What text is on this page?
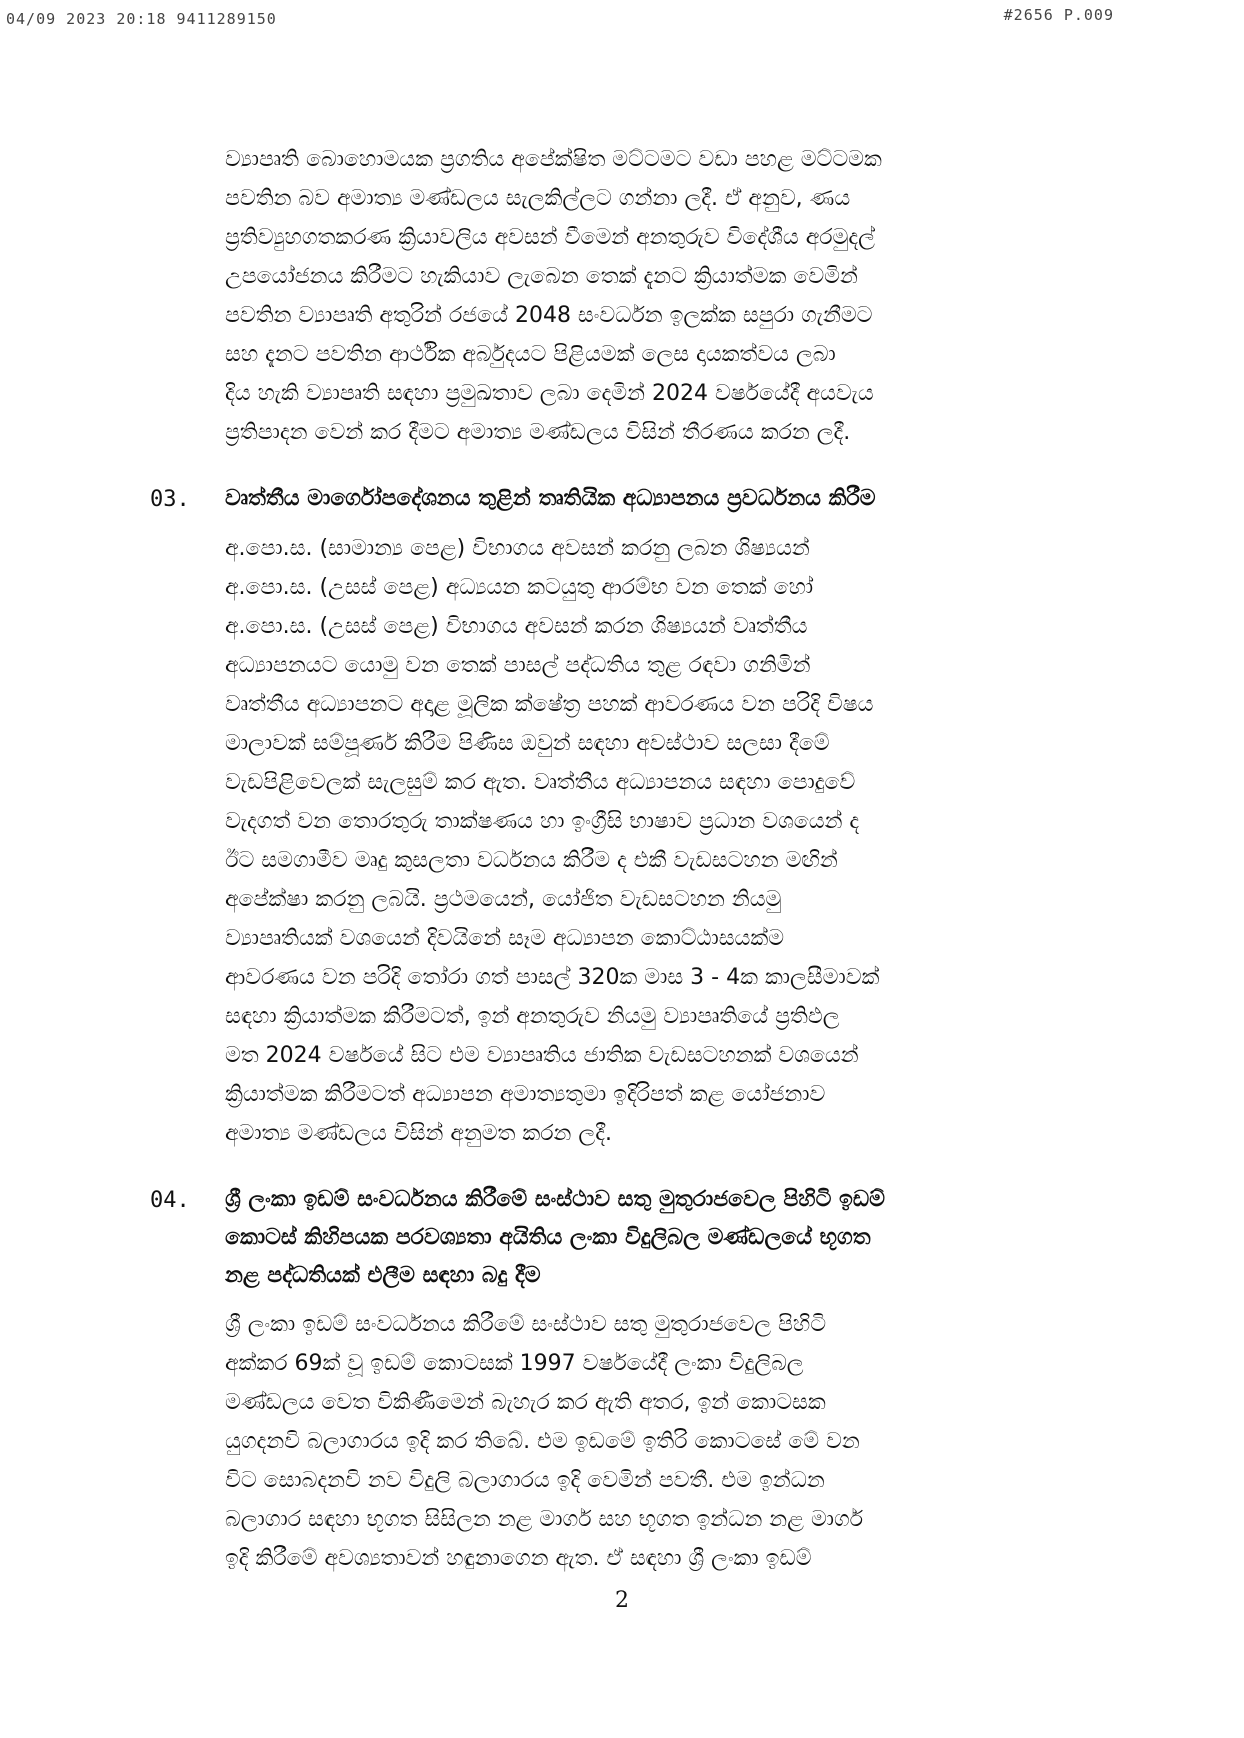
04/09 2023 20:18 9411289150	#2656 P.009
ව්‍යාපෘති බොහොමයක ප්‍රගතිය අපේක්ෂිත මට්ටමට වඩා පහළ මට්ටමක
පවතින බව අමාත්‍ය මණ්ඩලය සැලකිල්ලට ගන්නා ලදී. ඒ අනුව, ණය
ප්‍රතිව්‍යුහගතකරණ ක්‍රියාවලිය අවසන් වීමෙන් අනතුරුව විදේශීය අරමුදල්
උපයෝජනය කිරීමට හැකියාව ලැබෙන තෙක් දැනට ක්‍රියාත්මක වෙමින්
පවතින ව්‍යාපෘති අතුරින් රජයේ 2048 සංවර්ධන ඉලක්ක සපුරා ගැනීමට
සහ දැනට පවතින ආර්ථික අර්බුදයට පිළියමක් ලෙස දායකත්වය ලබා
දිය හැකි ව්‍යාපෘති සඳහා ප්‍රමුඛතාව ලබා දෙමින් 2024 වර්ෂයේදී අයවැය
ප්‍රතිපාදන වෙන් කර දීමට අමාත්‍ය මණ්ඩලය විසින් තීරණය කරන ලදී.
03.	වෘත්තීය මාර්ගෝපදේශනය තුළින් තෘතියික අධ්‍යාපනය ප්‍රවර්ධනය කිරීම
අ.පො.ස. (සාමාන්‍ය පෙළ) විභාගය අවසන් කරනු ලබන ශිෂ්‍යයන්
අ.පො.ස. (උසස් පෙළ) අධ්‍යයන කටයුතු ආරම්භ වන තෙක් හෝ
අ.පො.ස. (උසස් පෙළ) විභාගය අවසන් කරන ශිෂ්‍යයන් වෘත්තීය
අධ්‍යාපනයට යොමු වන තෙක් පාසල් පද්ධතිය තුළ රඳවා ගනිමින්
වෘත්තීය අධ්‍යාපනට අදාළ මූලික ක්ෂේත්‍ර පහක් ආවරණය වන පරිදි විෂය
මාලාවක් සම්පූර්ණ කිරීම පිණිස ඔවුන් සඳහා අවස්ථාව සලසා දීමේ
වැඩපිළිවෙලක් සැලසුම් කර ඇත. වෘත්තීය අධ්‍යාපනය සඳහා පොදුවේ
වැදගත් වන තොරතුරු තාක්ෂණය හා ඉංග්‍රීසි භාෂාව ප්‍රධාන වශයෙන් ද
ඊට සමගාමීව මෘදු කුසලතා වර්ධනය කිරීම ද එකී වැඩසටහන මඟින්
අපේක්ෂා කරනු ලබයි. ප්‍රථමයෙන්, යෝජිත වැඩසටහන නියමු
ව්‍යාපෘතියක් වශයෙන් දිවයිනේ සෑම අධ්‍යාපන කොට්ඨාසයක්ම
ආවරණය වන පරිදි තෝරා ගත් පාසල් 320ක මාස 3 - 4ක කාලසීමාවක්
සඳහා ක්‍රියාත්මක කිරීමටත්, ඉන් අනතුරුව නියමු ව්‍යාපෘතියේ ප්‍රතිඵල
මත 2024 වර්ෂයේ සිට එම ව්‍යාපෘතිය ජාතික වැඩසටහනක් වශයෙන්
ක්‍රියාත්මක කිරීමටත් අධ්‍යාපන අමාත්‍යතුමා ඉදිරිපත් කළ යෝජනාව
අමාත්‍ය මණ්ඩලය විසින් අනුමත කරන ලදී.
04.	ශ්‍රී ලංකා ඉඩම් සංවර්ධනය කිරීමේ සංස්ථාව සතු මුතුරාජවෙල පිහිටි ඉඩම්
කොටස් කිහිපයක පරවශ්‍යතා අයිතිය ලංකා විදුලිබල මණ්ඩලයේ භූගත
නළ පද්ධතියක් එලීම සඳහා බදු දීම
ශ්‍රී ලංකා ඉඩම් සංවර්ධනය කිරීමේ සංස්ථාව සතු මුතුරාජවෙල පිහිටි
අක්කර 69ක් වූ ඉඩම් කොටසක් 1997 වර්ෂයේදී ලංකා විදුලිබල
මණ්ඩලය වෙත විකිණීමෙන් බැහැර කර ඇති අතර, ඉන් කොටසක
යුගදනවි බලාගාරය ඉදි කර තිබේ. එම ඉඩමේ ඉතිරි කොටසේ මේ වන
විට සොබදනවි නව විදුලි බලාගාරය ඉදි වෙමින් පවතී. එම ඉන්ධන
බලාගාර සඳහා භූගත සිසිලන නළ මාර්ග සහ භූගත ඉන්ධන නළ මාර්ග
ඉදි කිරීමේ අවශ්‍යතාවන් හඳුනාගෙන ඇත. ඒ සඳහා ශ්‍රී ලංකා ඉඩම්
2
